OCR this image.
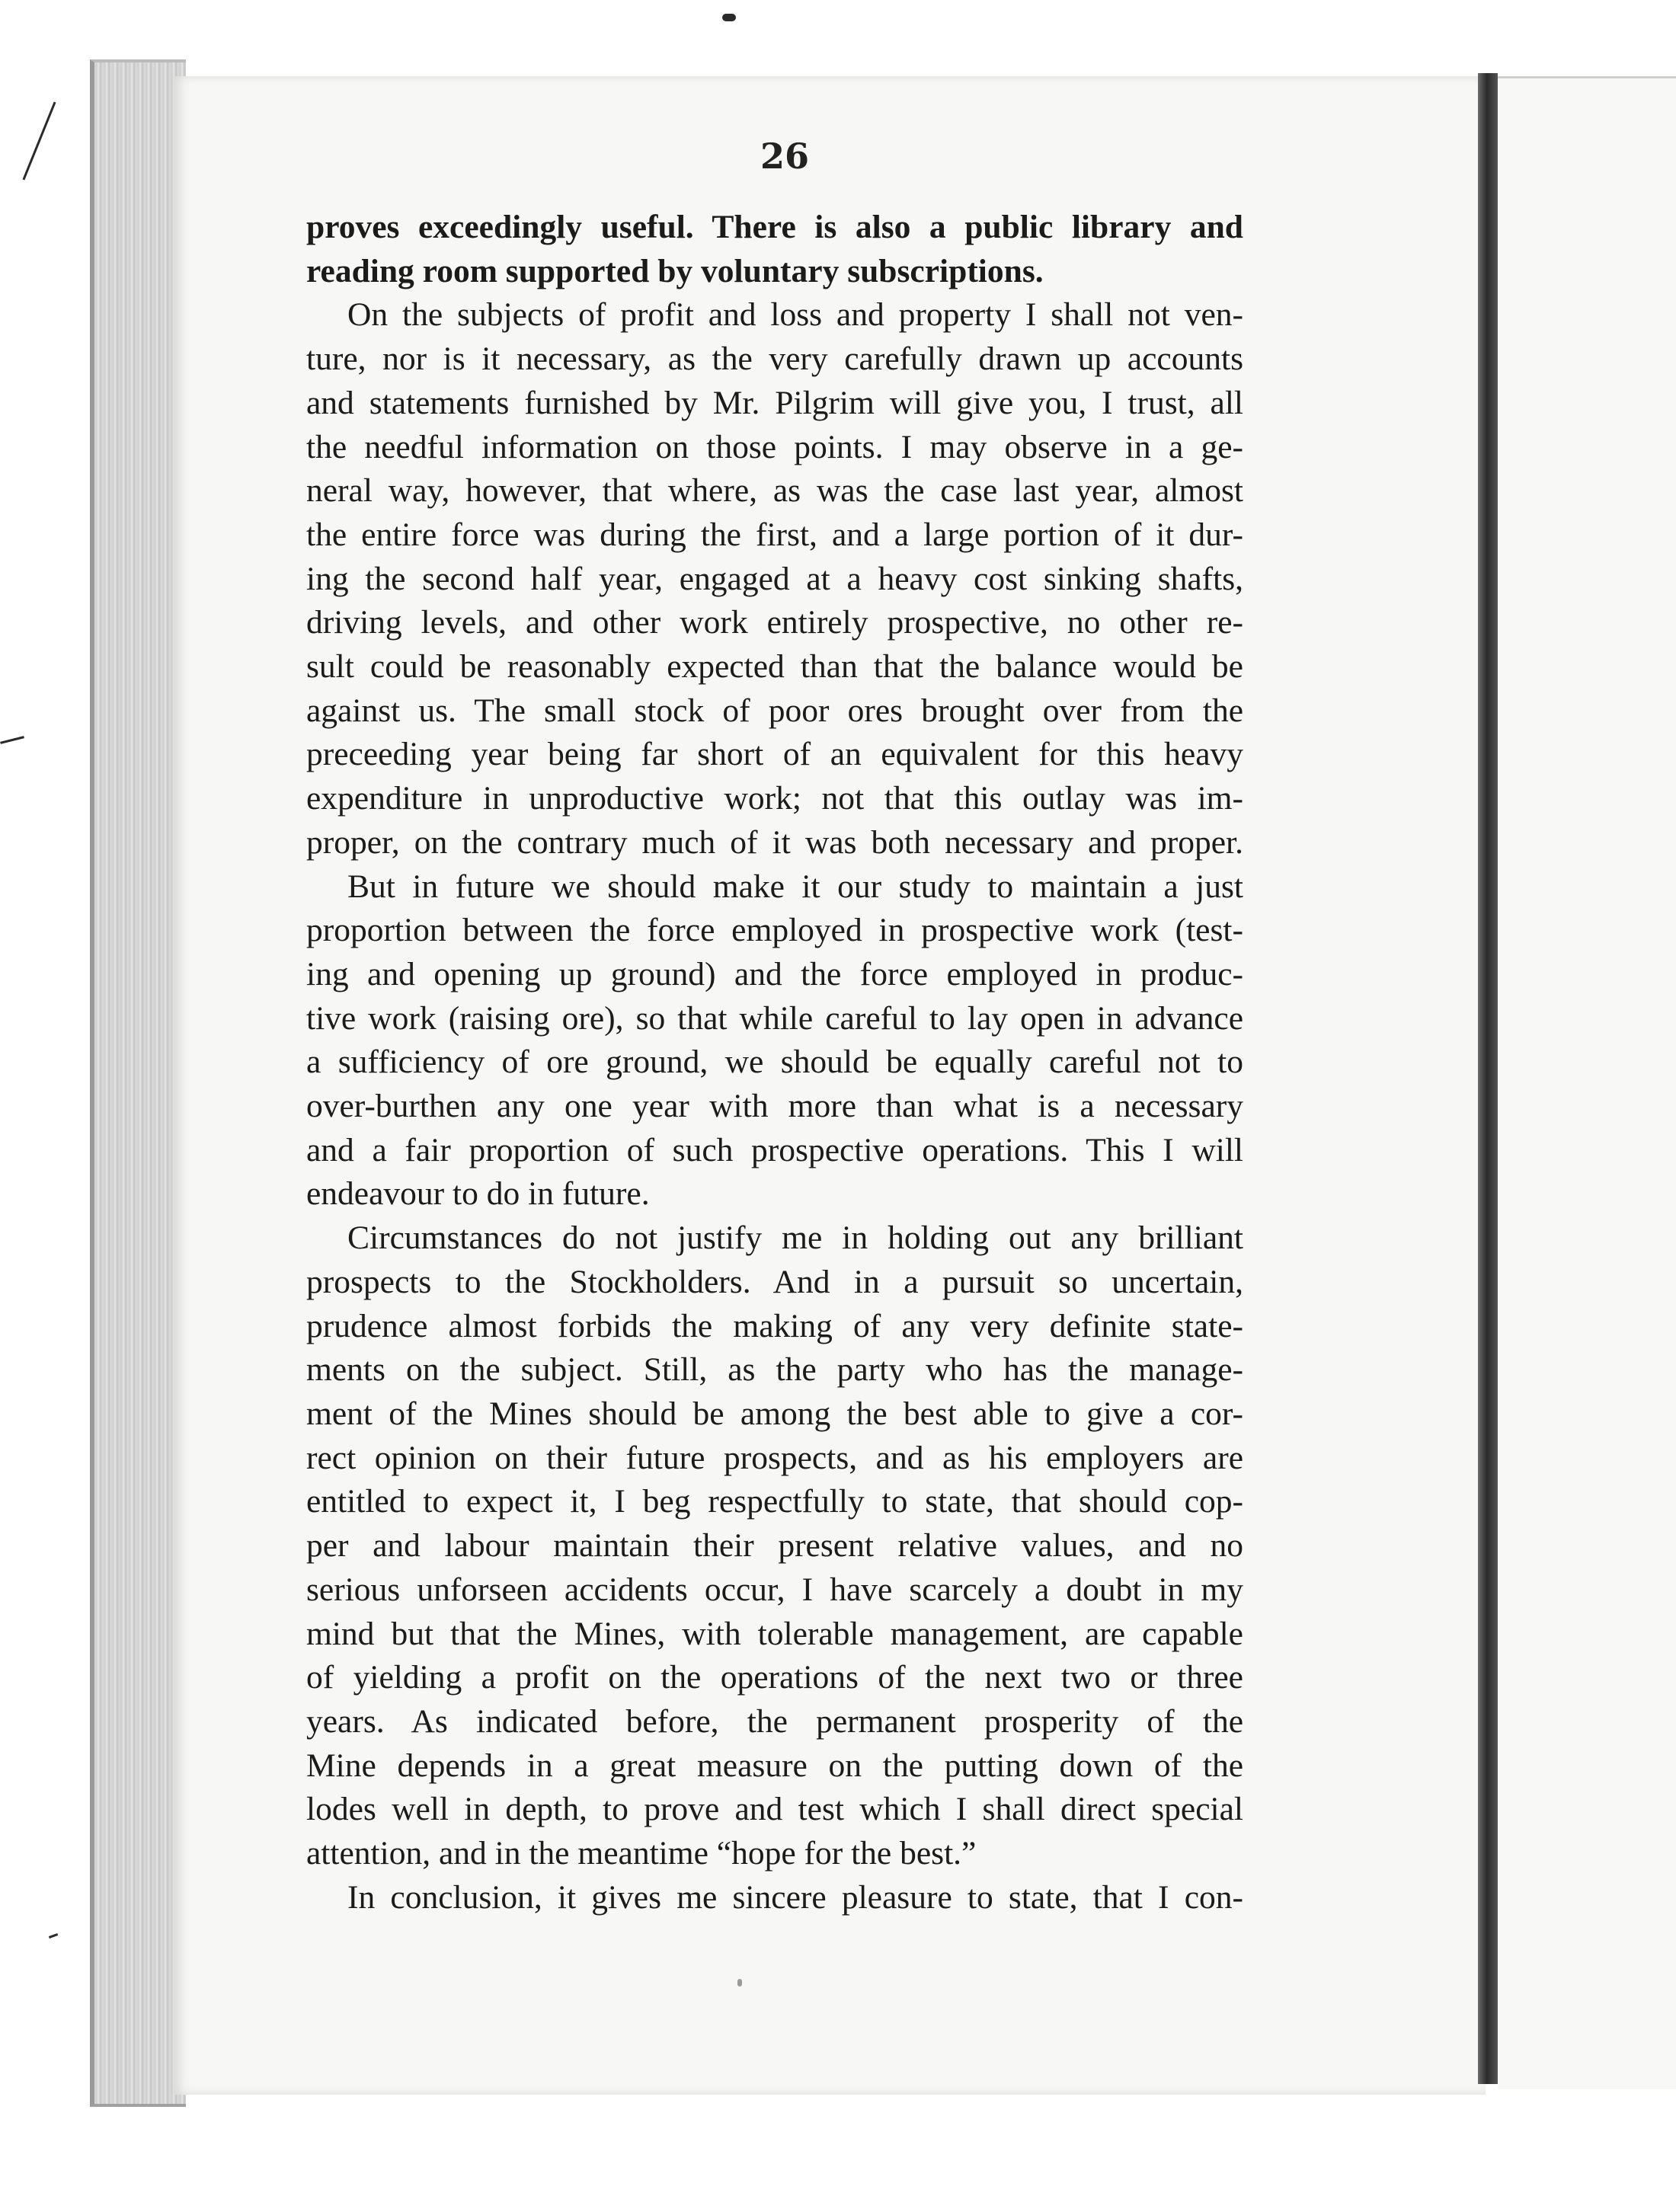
26
proves exceedingly useful. There is also a public library and
reading room supported by voluntary subscriptions.
On the subjects of profit and loss and property I shall not ven-
ture, nor is it necessary, as the very carefully drawn up accounts
and statements furnished by Mr. Pilgrim will give you, I trust, all
the needful information on those points. I may observe in a ge-
neral way, however, that where, as was the case last year, almost
the entire force was during the first, and a large portion of it dur-
ing the second half year, engaged at a heavy cost sinking shafts,
driving levels, and other work entirely prospective, no other re-
sult could be reasonably expected than that the balance would be
against us. The small stock of poor ores brought over from the
preceeding year being far short of an equivalent for this heavy
expenditure in unproductive work; not that this outlay was im-
proper, on the contrary much of it was both necessary and proper.
But in future we should make it our study to maintain a just
proportion between the force employed in prospective work (test-
ing and opening up ground) and the force employed in produc-
tive work (raising ore), so that while careful to lay open in advance
a sufficiency of ore ground, we should be equally careful not to
over-burthen any one year with more than what is a necessary
and a fair proportion of such prospective operations. This I will
endeavour to do in future.
Circumstances do not justify me in holding out any brilliant
prospects to the Stockholders. And in a pursuit so uncertain,
prudence almost forbids the making of any very definite state-
ments on the subject. Still, as the party who has the manage-
ment of the Mines should be among the best able to give a cor-
rect opinion on their future prospects, and as his employers are
entitled to expect it, I beg respectfully to state, that should cop-
per and labour maintain their present relative values, and no
serious unforseen accidents occur, I have scarcely a doubt in my
mind but that the Mines, with tolerable management, are capable
of yielding a profit on the operations of the next two or three
years. As indicated before, the permanent prosperity of the
Mine depends in a great measure on the putting down of the
lodes well in depth, to prove and test which I shall direct special
attention, and in the meantime “hope for the best.”
In conclusion, it gives me sincere pleasure to state, that I con-
